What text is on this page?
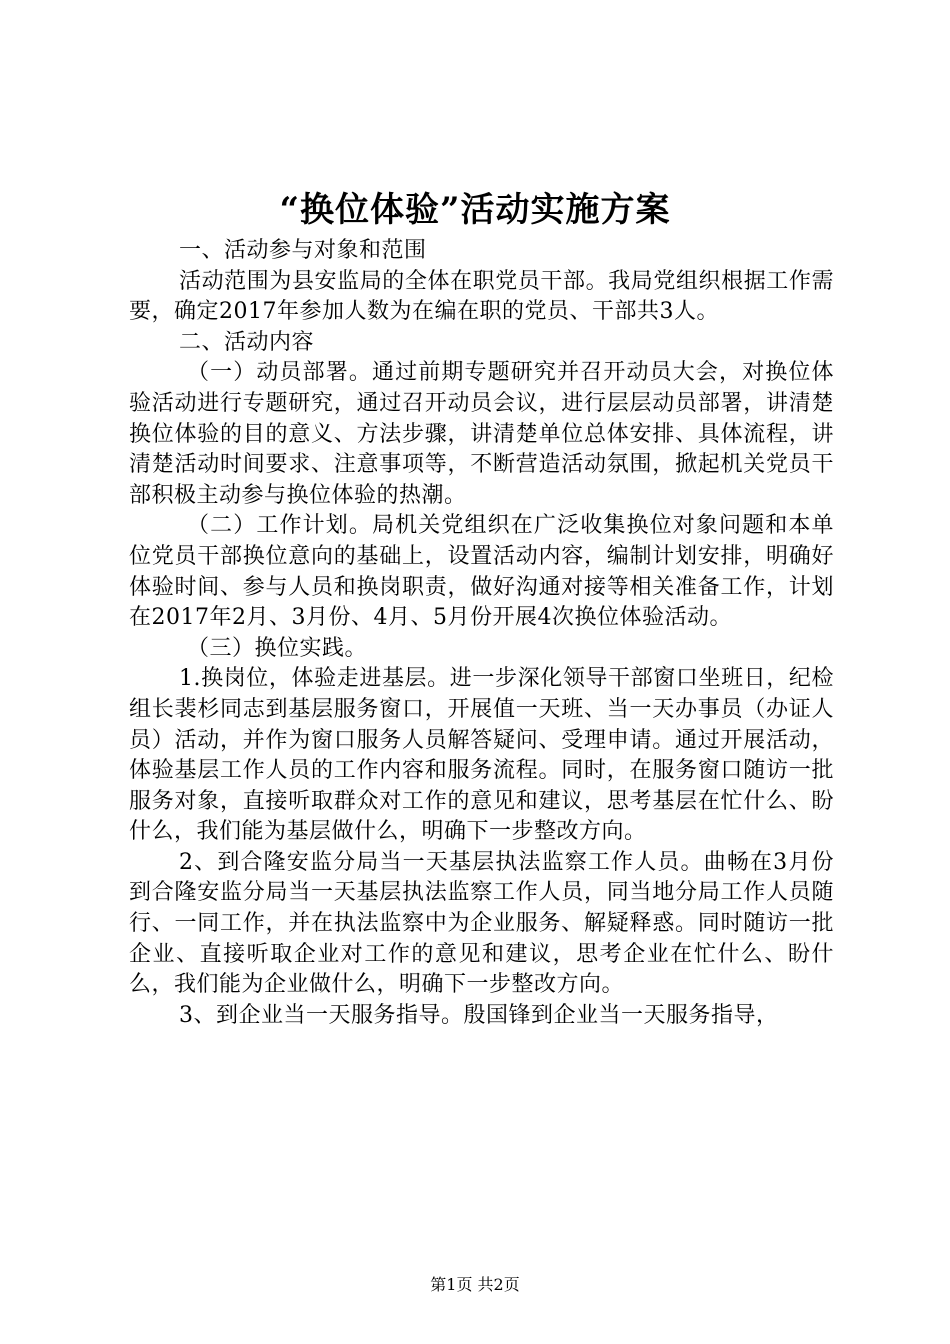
“换位体验”活动实施方案

一、活动参与对象和范围

活动范围为县安监局的全体在职党员干部。我局党组织根据工作需要，确定2017年参加人数为在编在职的党员、干部共3人。

二、活动内容

（一）动员部署。通过前期专题研究并召开动员大会，对换位体验活动进行专题研究，通过召开动员会议，进行层层动员部署，讲清楚换位体验的目的意义、方法步骤，讲清楚单位总体安排、具体流程，讲清楚活动时间要求、注意事项等，不断营造活动氛围，掀起机关党员干部积极主动参与换位体验的热潮。

（二）工作计划。局机关党组织在广泛收集换位对象问题和本单位党员干部换位意向的基础上，设置活动内容，编制计划安排，明确好体验时间、参与人员和换岗职责，做好沟通对接等相关准备工作，计划在2017年2月、3月份、4月、5月份开展4次换位体验活动。

（三）换位实践。

1.换岗位，体验走进基层。进一步深化领导干部窗口坐班日，纪检组长裴杉同志到基层服务窗口，开展值一天班、当一天办事员（办证人员）活动，并作为窗口服务人员解答疑问、受理申请。通过开展活动，体验基层工作人员的工作内容和服务流程。同时，在服务窗口随访一批服务对象，直接听取群众对工作的意见和建议，思考基层在忙什么、盼什么，我们能为基层做什么，明确下一步整改方向。

2、到合隆安监分局当一天基层执法监察工作人员。曲畅在3月份到合隆安监分局当一天基层执法监察工作人员，同当地分局工作人员随行、一同工作，并在执法监察中为企业服务、解疑释惑。同时随访一批企业、直接听取企业对工作的意见和建议，思考企业在忙什么、盼什么，我们能为企业做什么，明确下一步整改方向。

3、到企业当一天服务指导。殷国锋到企业当一天服务指导，

第1页 共2页
